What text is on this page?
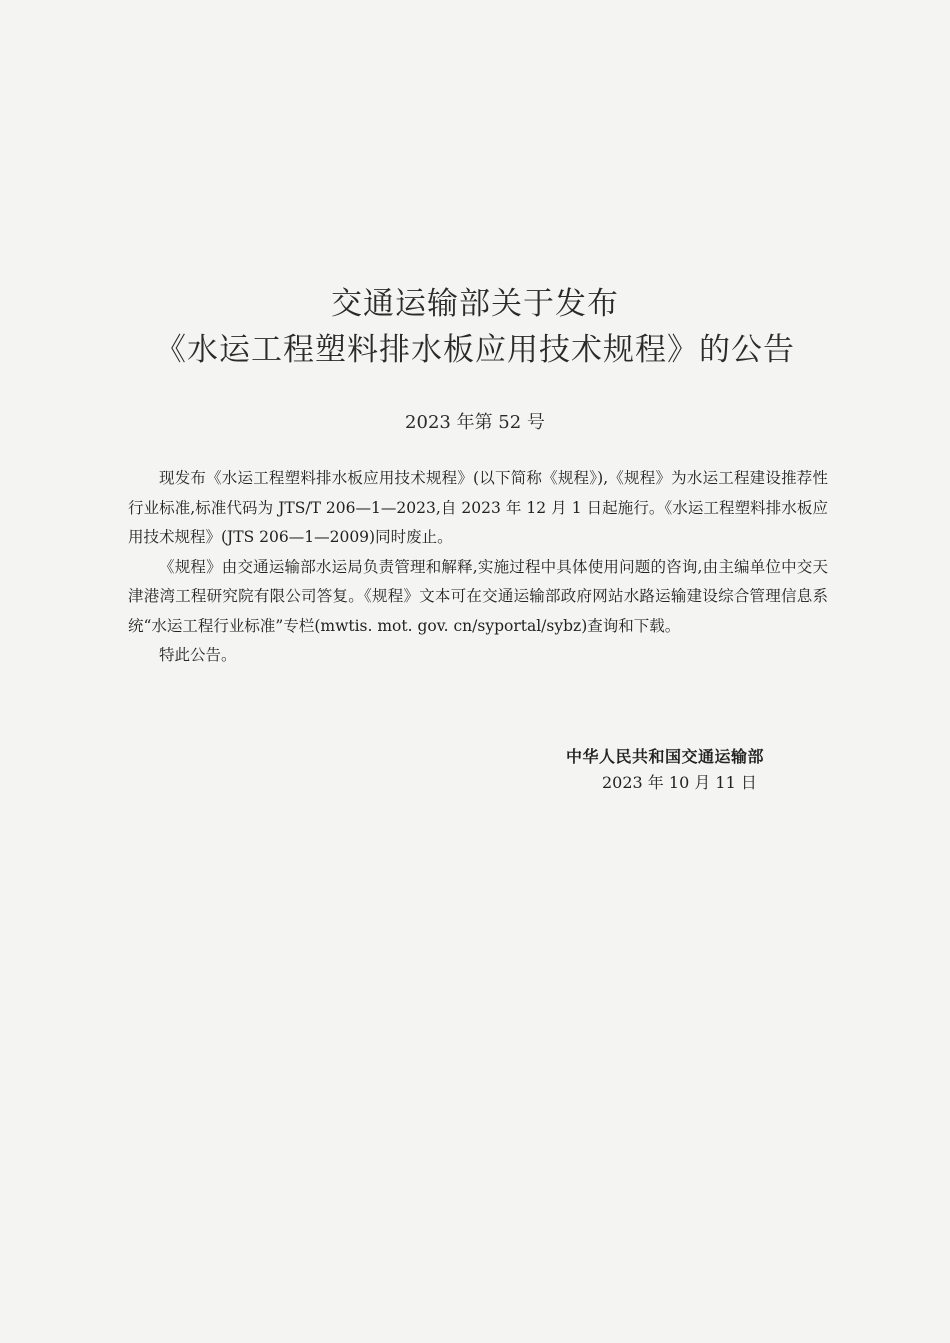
交通运输部关于发布
《水运工程塑料排水板应用技术规程》的公告
2023 年第 52 号

现发布《水运工程塑料排水板应用技术规程》(以下简称《规程》),《规程》为水运工程建设推荐性行业标准,标准代码为 JTS/T 206—1—2023,自 2023 年 12 月 1 日起施行。《水运工程塑料排水板应用技术规程》(JTS 206—1—2009)同时废止。

《规程》由交通运输部水运局负责管理和解释,实施过程中具体使用问题的咨询,由主编单位中交天津港湾工程研究院有限公司答复。《规程》文本可在交通运输部政府网站水路运输建设综合管理信息系统“水运工程行业标准”专栏(mwtis. mot. gov. cn/syportal/sybz)查询和下载。

特此公告。

中华人民共和国交通运输部
2023 年 10 月 11 日
